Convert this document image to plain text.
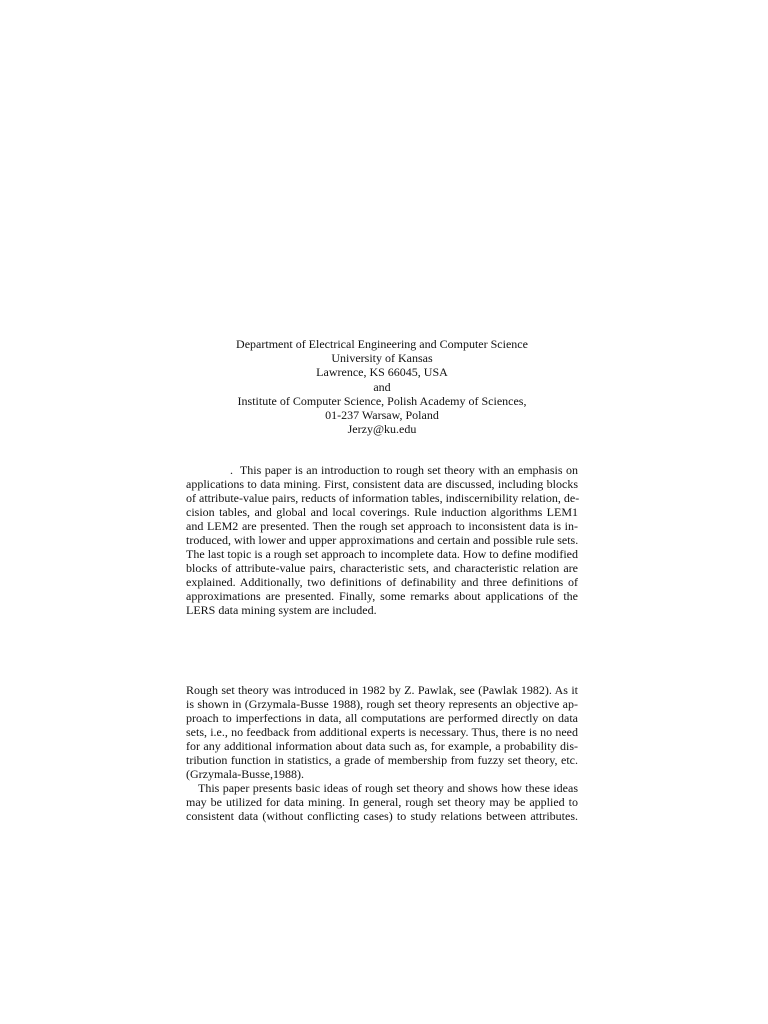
Department of Electrical Engineering and Computer Science
University of Kansas
Lawrence, KS 66045, USA
and
Institute of Computer Science, Polish Academy of Sciences,
01-237 Warsaw, Poland
Jerzy@ku.edu
. This paper is an introduction to rough set theory with an emphasis on
applications to data mining. First, consistent data are discussed, including blocks
of attribute-value pairs, reducts of information tables, indiscernibility relation, de-
cision tables, and global and local coverings. Rule induction algorithms LEM1
and LEM2 are presented. Then the rough set approach to inconsistent data is in-
troduced, with lower and upper approximations and certain and possible rule sets.
The last topic is a rough set approach to incomplete data. How to define modified
blocks of attribute-value pairs, characteristic sets, and characteristic relation are
explained. Additionally, two definitions of definability and three definitions of
approximations are presented. Finally, some remarks about applications of the
LERS data mining system are included.
Rough set theory was introduced in 1982 by Z. Pawlak, see (Pawlak 1982). As it
is shown in (Grzymala-Busse 1988), rough set theory represents an objective ap-
proach to imperfections in data, all computations are performed directly on data
sets, i.e., no feedback from additional experts is necessary. Thus, there is no need
for any additional information about data such as, for example, a probability dis-
tribution function in statistics, a grade of membership from fuzzy set theory, etc.
(Grzymala-Busse,1988).
This paper presents basic ideas of rough set theory and shows how these ideas
may be utilized for data mining. In general, rough set theory may be applied to
consistent data (without conflicting cases) to study relations between attributes.
